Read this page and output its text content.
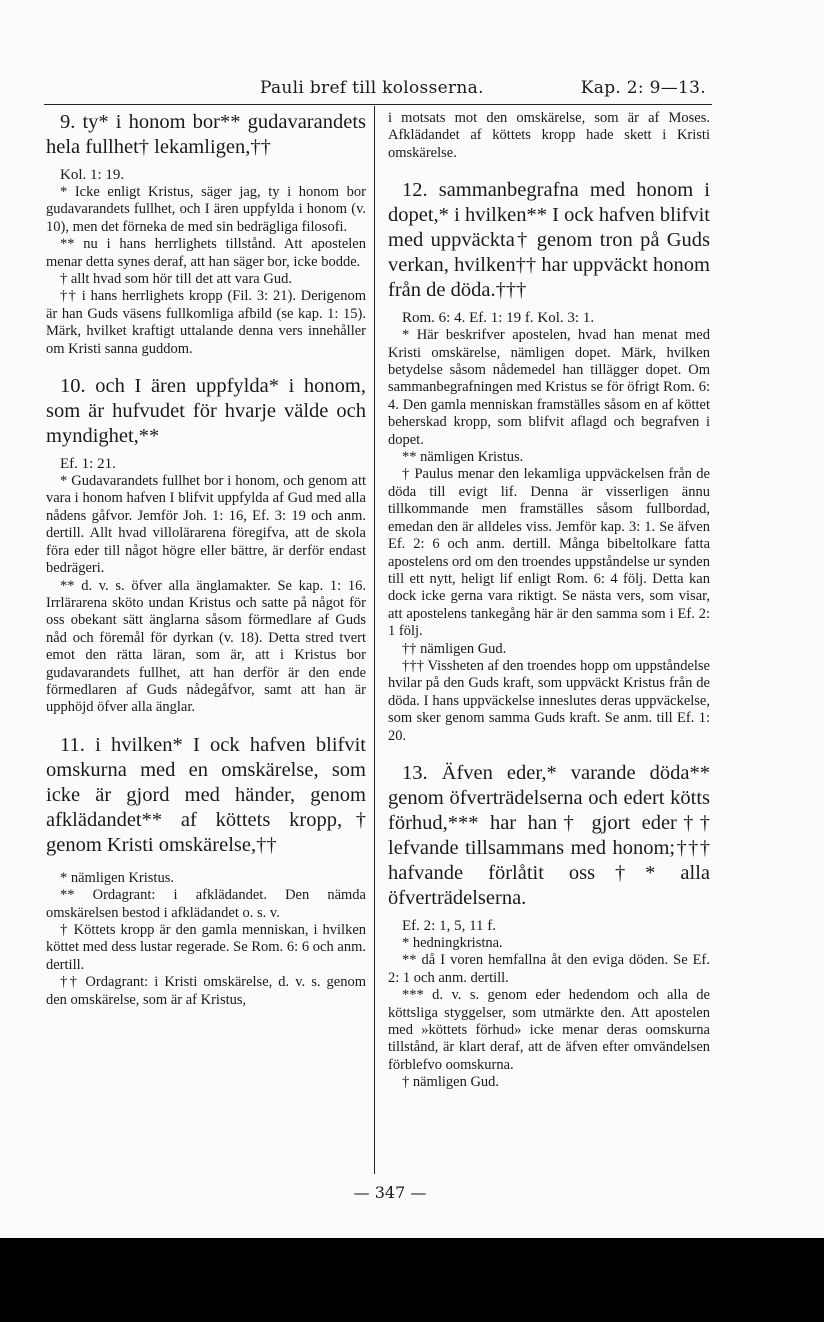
Pauli bref till kolosserna.	Kap. 2: 9—13.

9. ty* i honom bor** gudavarandets hela fullhet† lekamligen,††

Kol. 1: 19.

* Icke enligt Kristus, säger jag, ty i honom bor gudavarandets fullhet, och I ären uppfylda i honom (v. 10), men det förneka de med sin bedrägliga filosofi.

** nu i hans herrlighets tillstånd. Att apostelen menar detta synes deraf, att han säger bor, icke bodde.

† allt hvad som hör till det att vara Gud.

†† i hans herrlighets kropp (Fil. 3: 21). Derigenom är han Guds väsens fullkomliga afbild (se kap. 1: 15). Märk, hvilket kraftigt uttalande denna vers innehåller om Kristi sanna guddom.

10. och I ären uppfylda* i honom, som är hufvudet för hvarje välde och myndighet,**

Ef. 1: 21.

* Gudavarandets fullhet bor i honom, och genom att vara i honom hafven I blifvit uppfylda af Gud med alla nådens gåfvor. Jemför Joh. 1: 16, Ef. 3: 19 och anm. dertill. Allt hvad villolärarena föregifva, att de skola föra eder till något högre eller bättre, är derför endast bedrägeri.

** d. v. s. öfver alla änglamakter. Se kap. 1: 16. Irrlärarena sköto undan Kristus och satte på något för oss obekant sätt änglarna såsom förmedlare af Guds nåd och föremål för dyrkan (v. 18). Detta stred tvert emot den rätta läran, som är, att i Kristus bor gudavarandets fullhet, att han derför är den ende förmedlaren af Guds nådegåfvor, samt att han är upphöjd öfver alla änglar.

11. i hvilken* I ock hafven blifvit omskurna med en omskärelse, som icke är gjord med händer, genom afklädandet** af köttets kropp,† genom Kristi omskärelse,††

* nämligen Kristus.

** Ordagrant: i afklädandet. Den nämda omskärelsen bestod i afklädandet o. s. v.

† Köttets kropp är den gamla menniskan, i hvilken köttet med dess lustar regerade. Se Rom. 6: 6 och anm. dertill.

†† Ordagrant: i Kristi omskärelse, d. v. s. genom den omskärelse, som är af Kristus,

i motsats mot den omskärelse, som är af Moses. Afklädandet af köttets kropp hade skett i Kristi omskärelse.

12. sammanbegrafna med honom i dopet,* i hvilken** I ock hafven blifvit med uppväckta† genom tron på Guds verkan, hvilken†† har uppväckt honom från de döda.†††

Rom. 6: 4. Ef. 1: 19 f. Kol. 3: 1.

* Här beskrifver apostelen, hvad han menat med Kristi omskärelse, nämligen dopet. Märk, hvilken betydelse såsom nådemedel han tillägger dopet. Om sammanbegrafningen med Kristus se för öfrigt Rom. 6: 4. Den gamla menniskan framställes såsom en af köttet beherskad kropp, som blifvit aflagd och begrafven i dopet.

** nämligen Kristus.

† Paulus menar den lekamliga uppväckelsen från de döda till evigt lif. Denna är visserligen ännu tillkommande men framställes såsom fullbordad, emedan den är alldeles viss. Jemför kap. 3: 1. Se äfven Ef. 2: 6 och anm. dertill. Många bibeltolkare fatta apostelens ord om den troendes uppståndelse ur synden till ett nytt, heligt lif enligt Rom. 6: 4 följ. Detta kan dock icke gerna vara riktigt. Se nästa vers, som visar, att apostelens tankegång här är den samma som i Ef. 2: 1 följ.

†† nämligen Gud.

††† Vissheten af den troendes hopp om uppståndelse hvilar på den Guds kraft, som uppväckt Kristus från de döda. I hans uppväckelse inneslutes deras uppväckelse, som sker genom samma Guds kraft. Se anm. till Ef. 1: 20.

13. Äfven eder,* varande döda** genom öfverträdelserna och edert kötts förhud,*** har han† gjort eder†† lefvande tillsammans med honom;††† hafvande förlåtit oss†* alla öfverträdelserna.

Ef. 2: 1, 5, 11 f.

* hedningkristna.

** då I voren hemfallna åt den eviga döden. Se Ef. 2: 1 och anm. dertill.

*** d. v. s. genom eder hedendom och alla de köttsliga styggelser, som utmärkte den. Att apostelen med »köttets förhud» icke menar deras oomskurna tillstånd, är klart deraf, att de äfven efter omvändelsen förblefvo oomskurna.

† nämligen Gud.

— 347 —
